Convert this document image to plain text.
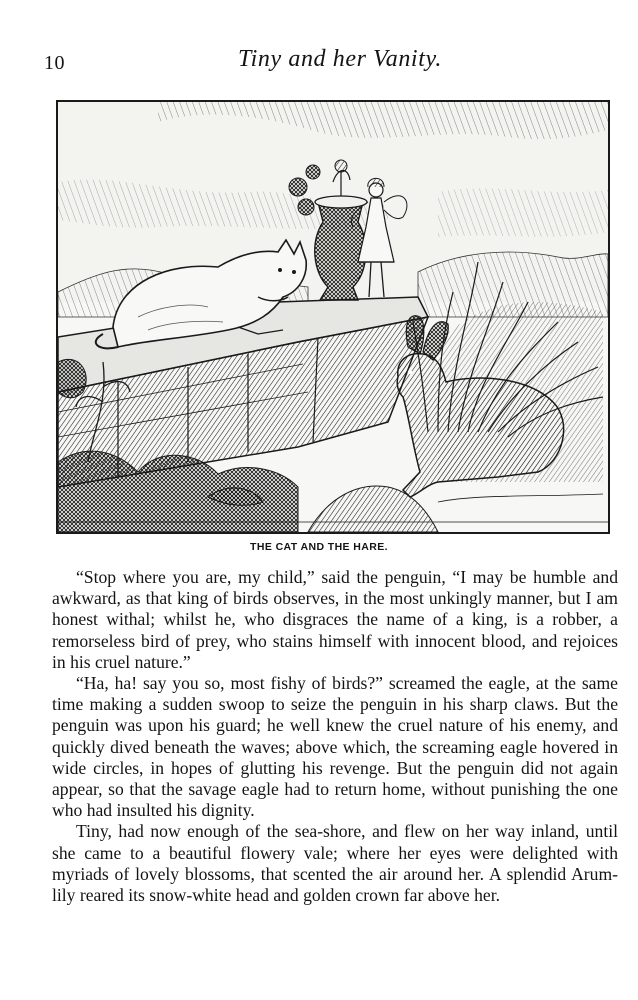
10	Tiny and her Vanity.
THE CAT AND THE HARE.

“Stop where you are, my child,” said the penguin, “I may be humble and awkward, as that king of birds observes, in the most unkingly manner, but I am honest withal; whilst he, who disgraces the name of a king, is a robber, a remorseless bird of prey, who stains himself with innocent blood, and rejoices in his cruel nature.”

“Ha, ha! say you so, most fishy of birds?” screamed the eagle, at the same time making a sudden swoop to seize the penguin in his sharp claws. But the penguin was upon his guard; he well knew the cruel nature of his enemy, and quickly dived beneath the waves; above which, the screaming eagle hovered in wide circles, in hopes of glutting his revenge. But the penguin did not again appear, so that the savage eagle had to return home, without punishing the one who had insulted his dignity.

Tiny, had now enough of the sea-shore, and flew on her way inland, until she came to a beautiful flowery vale; where her eyes were delighted with myriads of lovely blossoms, that scented the air around her. A splendid Arum-lily reared its snow-white head and golden crown far above her.
